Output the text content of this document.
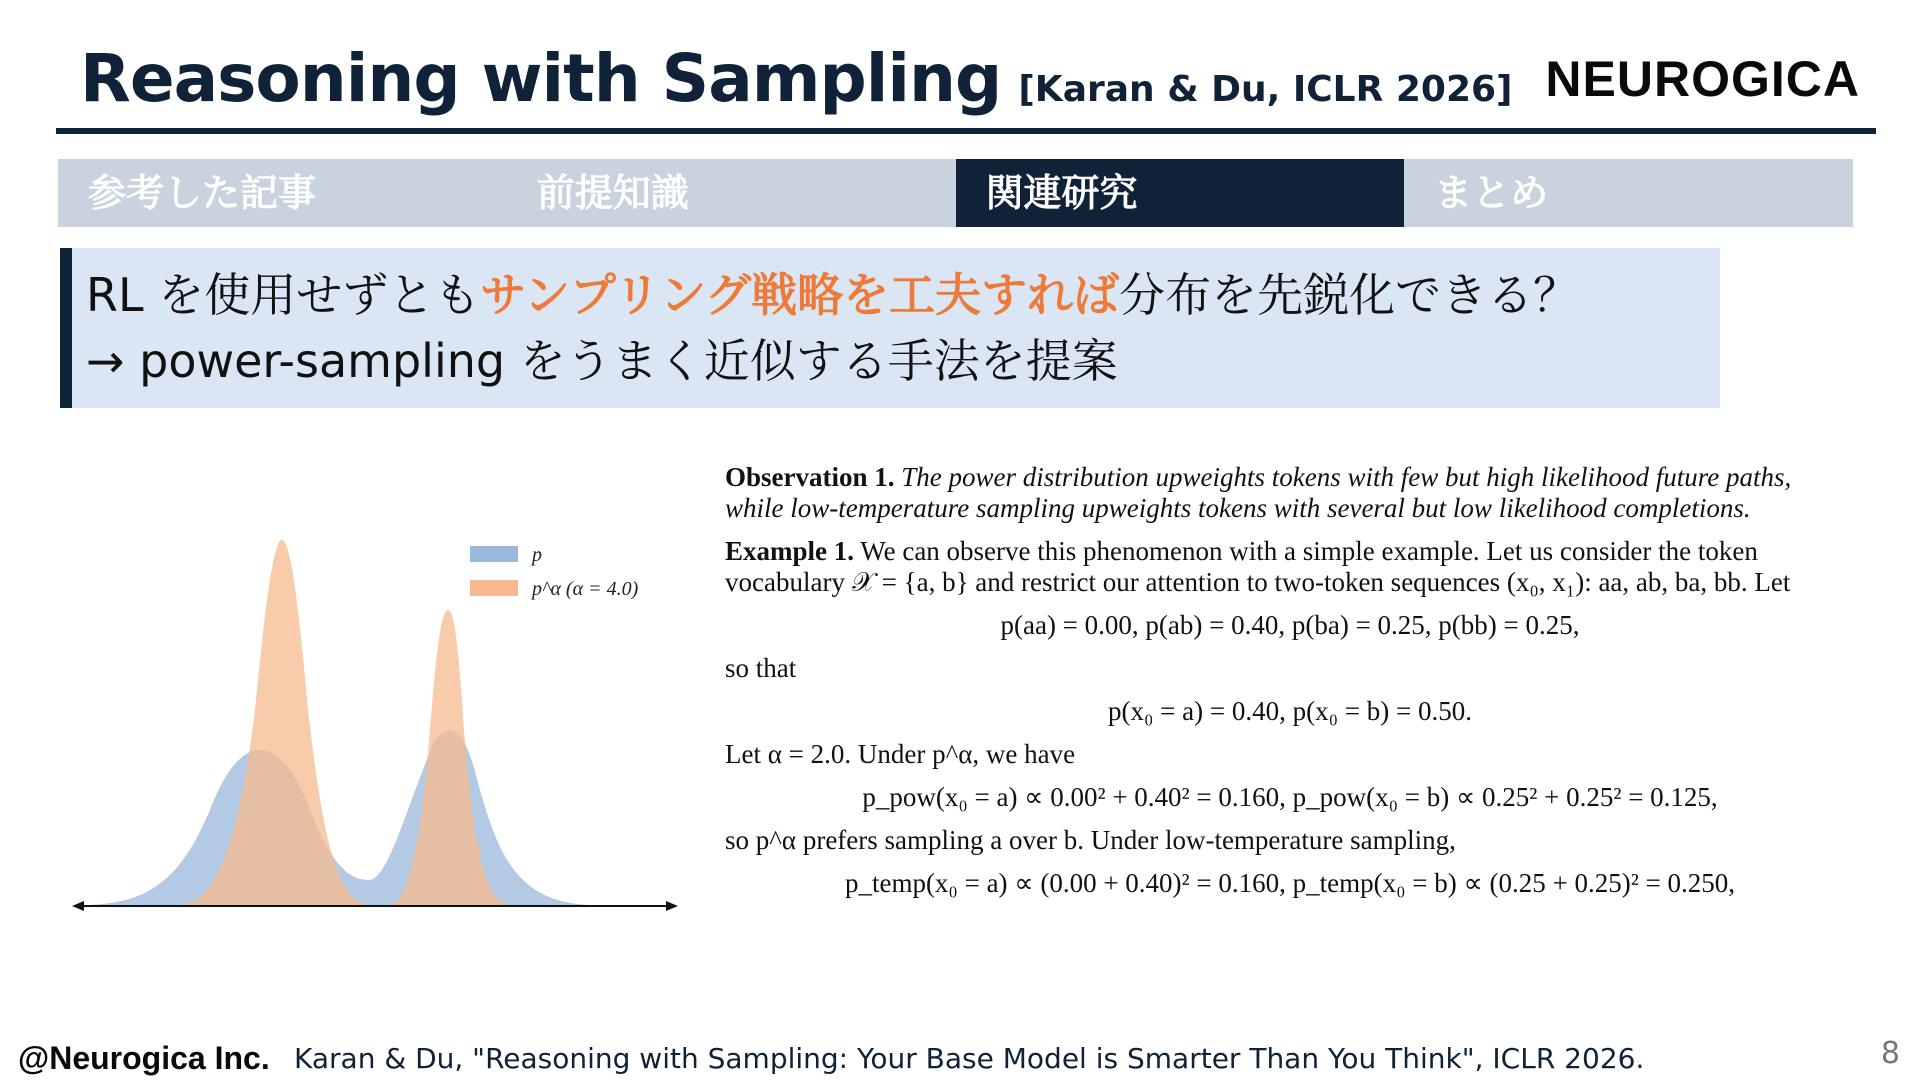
Reasoning with Sampling [Karan & Du, ICLR 2026] NEURОGICA
参考した記事	前提知識	関連研究	まとめ
RL を使用せずともサンプリング戦略を工夫すれば分布を先鋭化できる？
→ power-sampling をうまく近似する手法を提案
p
p^α (α = 4.0)
Observation 1. The power distribution upweights tokens with few but high likelihood future paths, while low-temperature sampling upweights tokens with several but low likelihood completions.
Example 1. We can observe this phenomenon with a simple example. Let us consider the token vocabulary 𝒳 = {a, b} and restrict our attention to two-token sequences (x₀, x₁): aa, ab, ba, bb. Let
p(aa) = 0.00, p(ab) = 0.40, p(ba) = 0.25, p(bb) = 0.25,
so that
p(x₀ = a) = 0.40, p(x₀ = b) = 0.50.
Let α = 2.0. Under p^α, we have
p_pow(x₀ = a) ∝ 0.00² + 0.40² = 0.160, p_pow(x₀ = b) ∝ 0.25² + 0.25² = 0.125,
so p^α prefers sampling a over b. Under low-temperature sampling,
p_temp(x₀ = a) ∝ (0.00 + 0.40)² = 0.160, p_temp(x₀ = b) ∝ (0.25 + 0.25)² = 0.250,
@Neurogica Inc. Karan & Du, "Reasoning with Sampling: Your Base Model is Smarter Than You Think", ICLR 2026.	8
